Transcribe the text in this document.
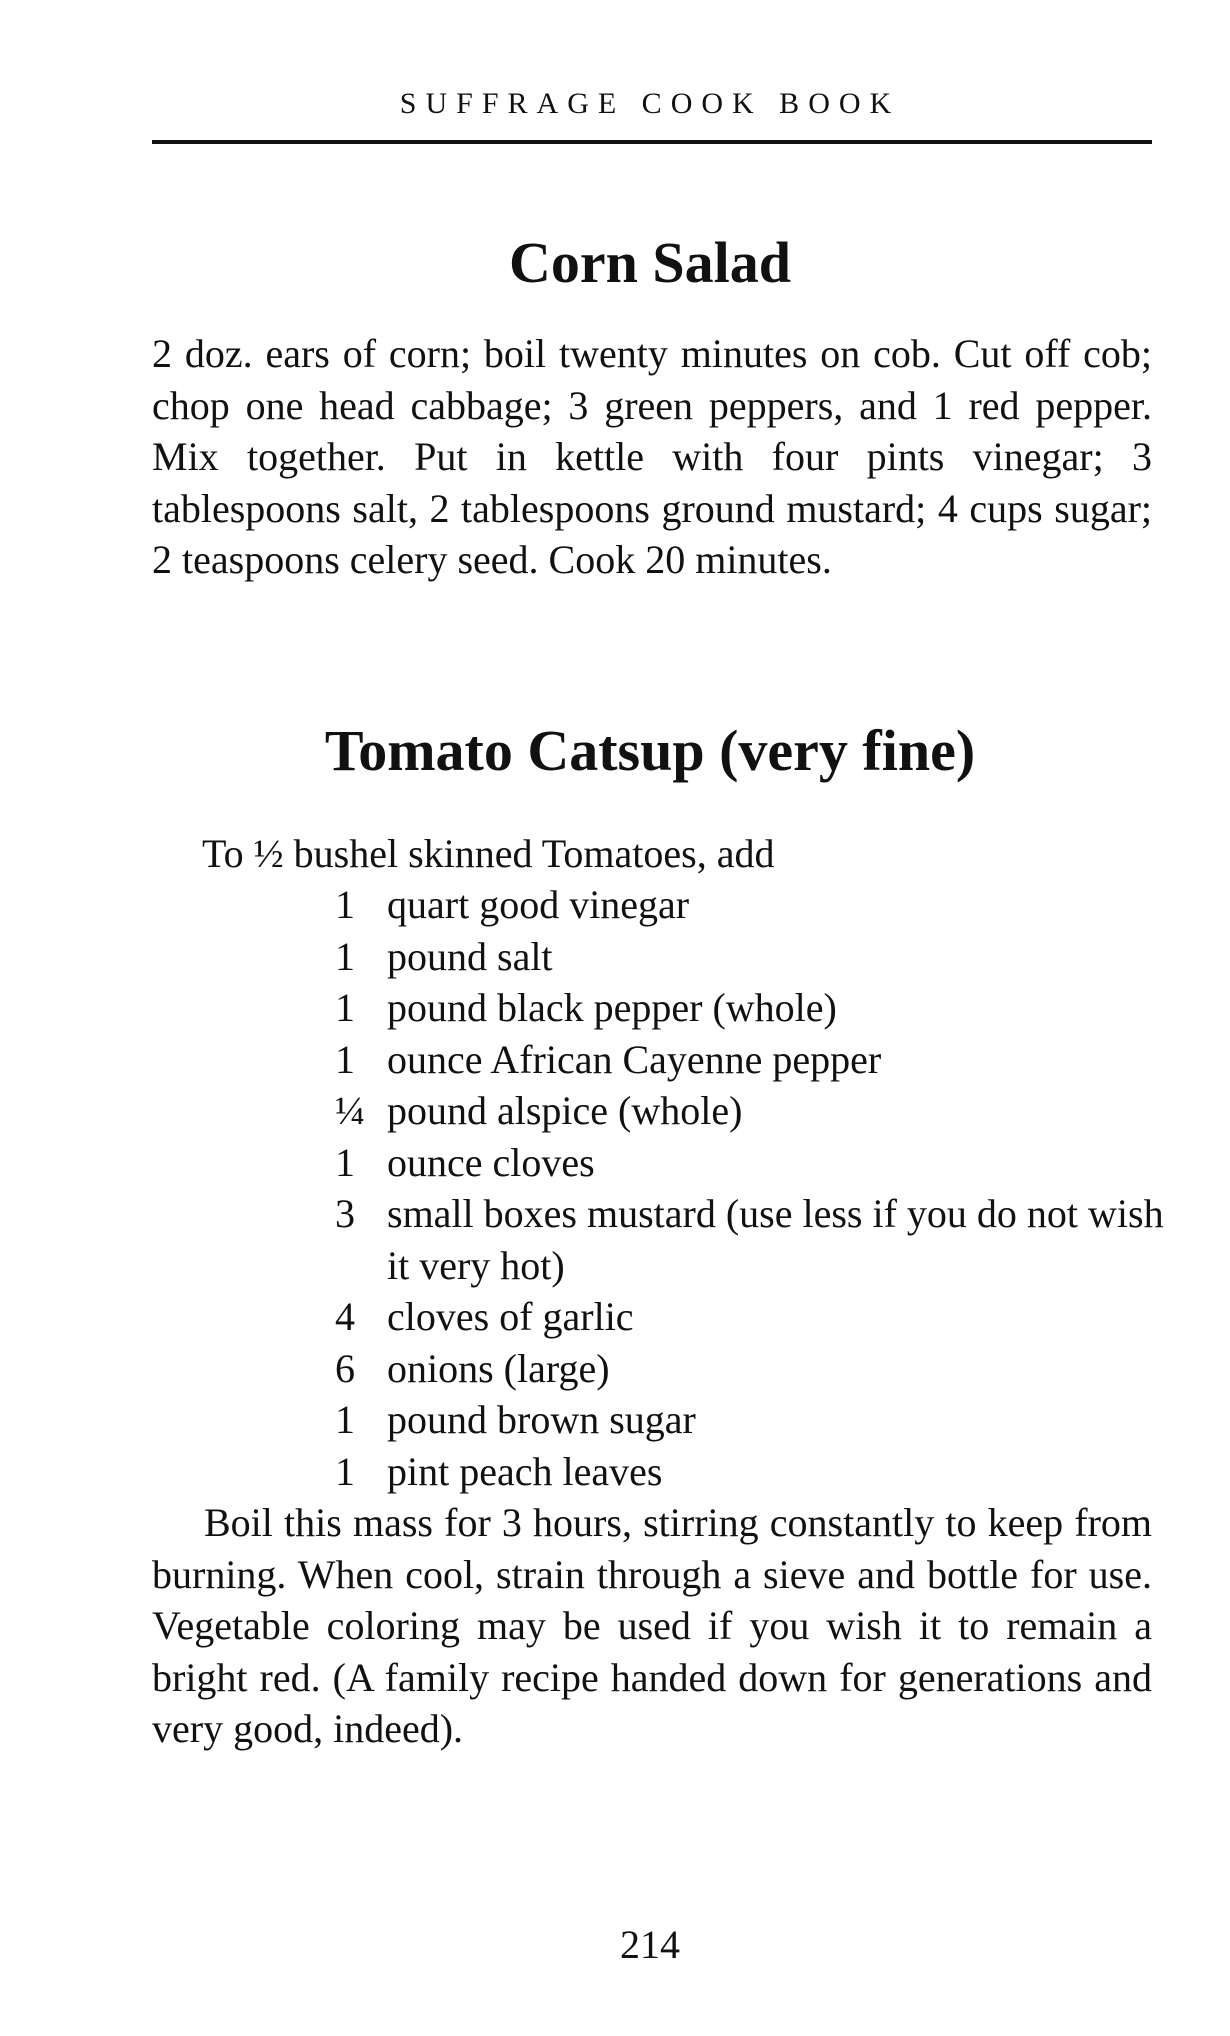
SUFFRAGE COOK BOOK
Corn Salad

2 doz. ears of corn; boil twenty minutes on cob. Cut off cob; chop one head cabbage; 3 green peppers, and 1 red pepper. Mix together. Put in kettle with four pints vinegar; 3 tablespoons salt, 2 tablespoons ground mustard; 4 cups sugar; 2 teaspoons celery seed. Cook 20 minutes.

Tomato Catsup (very fine)

To ½ bushel skinned Tomatoes, add

1 quart good vinegar
1 pound salt
1 pound black pepper (whole)
1 ounce African Cayenne pepper
¼ pound alspice (whole)
1 ounce cloves
3 small boxes mustard (use less if you do not wish it very hot)
4 cloves of garlic
6 onions (large)
1 pound brown sugar
1 pint peach leaves

Boil this mass for 3 hours, stirring constantly to keep from burning. When cool, strain through a sieve and bottle for use. Vegetable coloring may be used if you wish it to remain a bright red. (A family recipe handed down for generations and very good, indeed).

214
